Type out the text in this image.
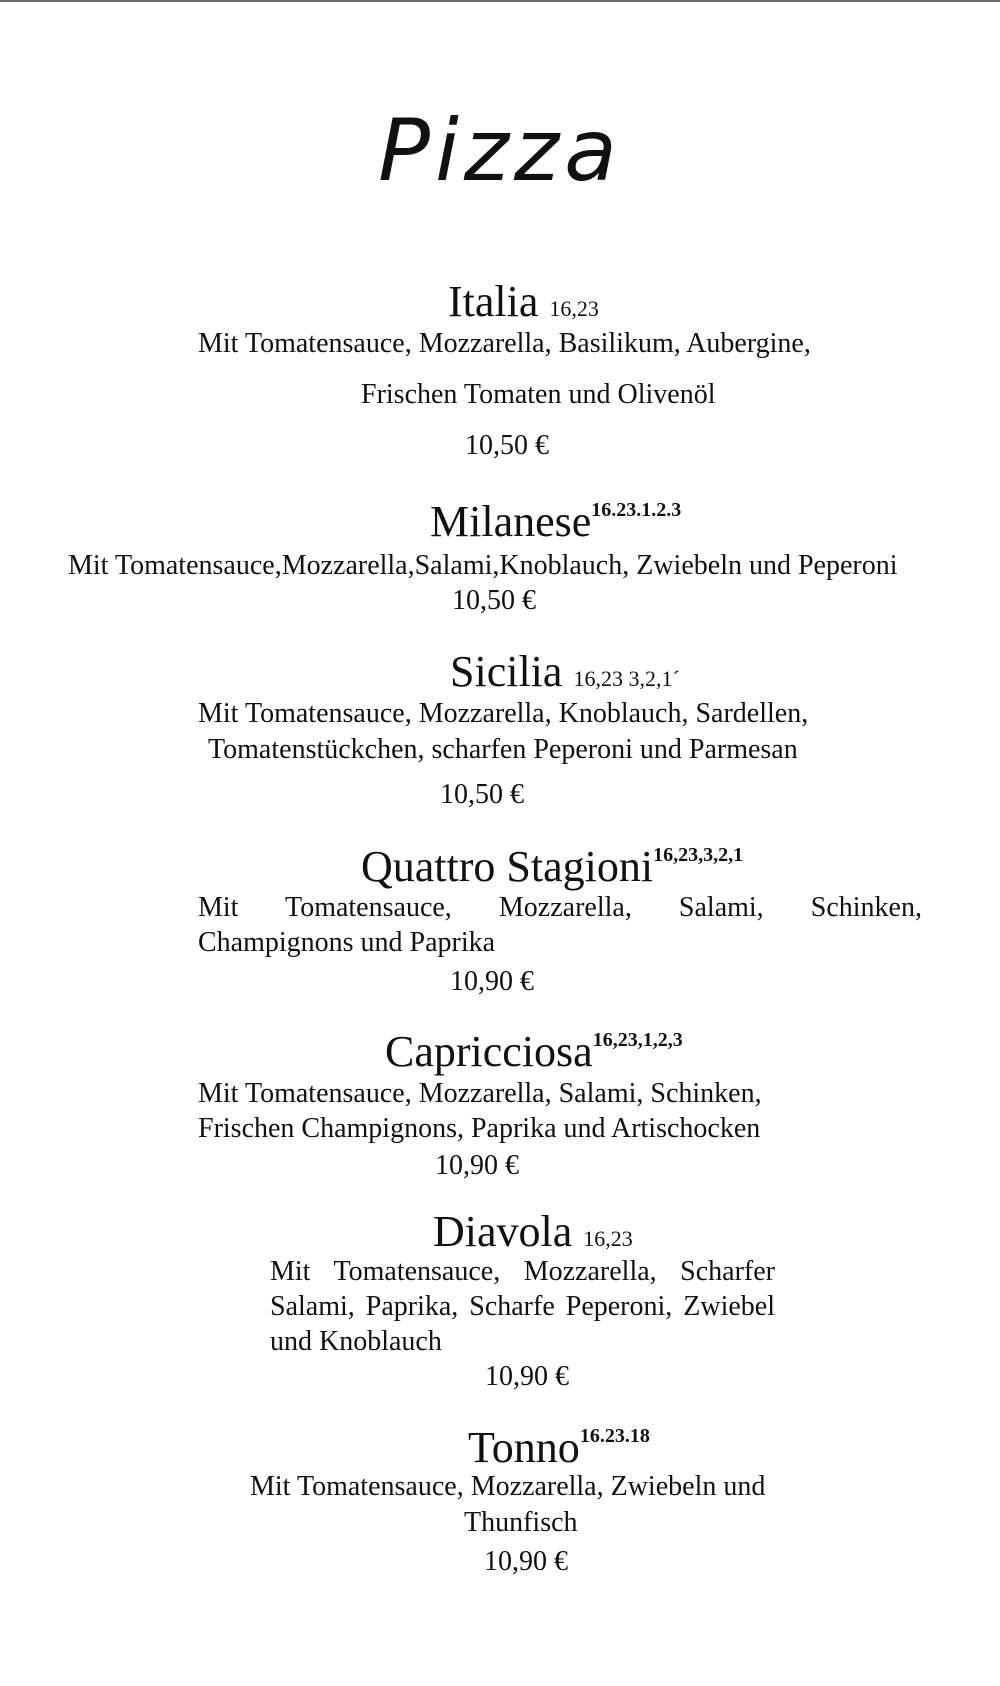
Pizza
Italia 16,23
Mit Tomatensauce, Mozzarella, Basilikum, Aubergine,
Frischen Tomaten und Olivenöl
10,50 €
Milanese$^{16.23.1.2.3}$
Mit Tomatensauce,Mozzarella,Salami,Knoblauch, Zwiebeln und Peperoni
10,50 €
Sicilia 16,23 3,2,1´
Mit Tomatensauce, Mozzarella, Knoblauch, Sardellen,
Tomatenstückchen, scharfen Peperoni und Parmesan
10,50 €
Quattro Stagioni$^{16,23,3,2,1}$
Mit Tomatensauce, Mozzarella, Salami, Schinken, Champignons und Paprika
10,90 €
Capricciosa$^{16,23,1,2,3}$
Mit Tomatensauce, Mozzarella, Salami, Schinken,
Frischen Champignons, Paprika und Artischocken
10,90 €
Diavola 16,23
Mit Tomatensauce, Mozzarella, Scharfer Salami, Paprika, Scharfe Peperoni, Zwiebel und Knoblauch
10,90 €
Tonno$^{16.23.18}$
Mit Tomatensauce, Mozzarella, Zwiebeln und
Thunfisch
10,90 €
